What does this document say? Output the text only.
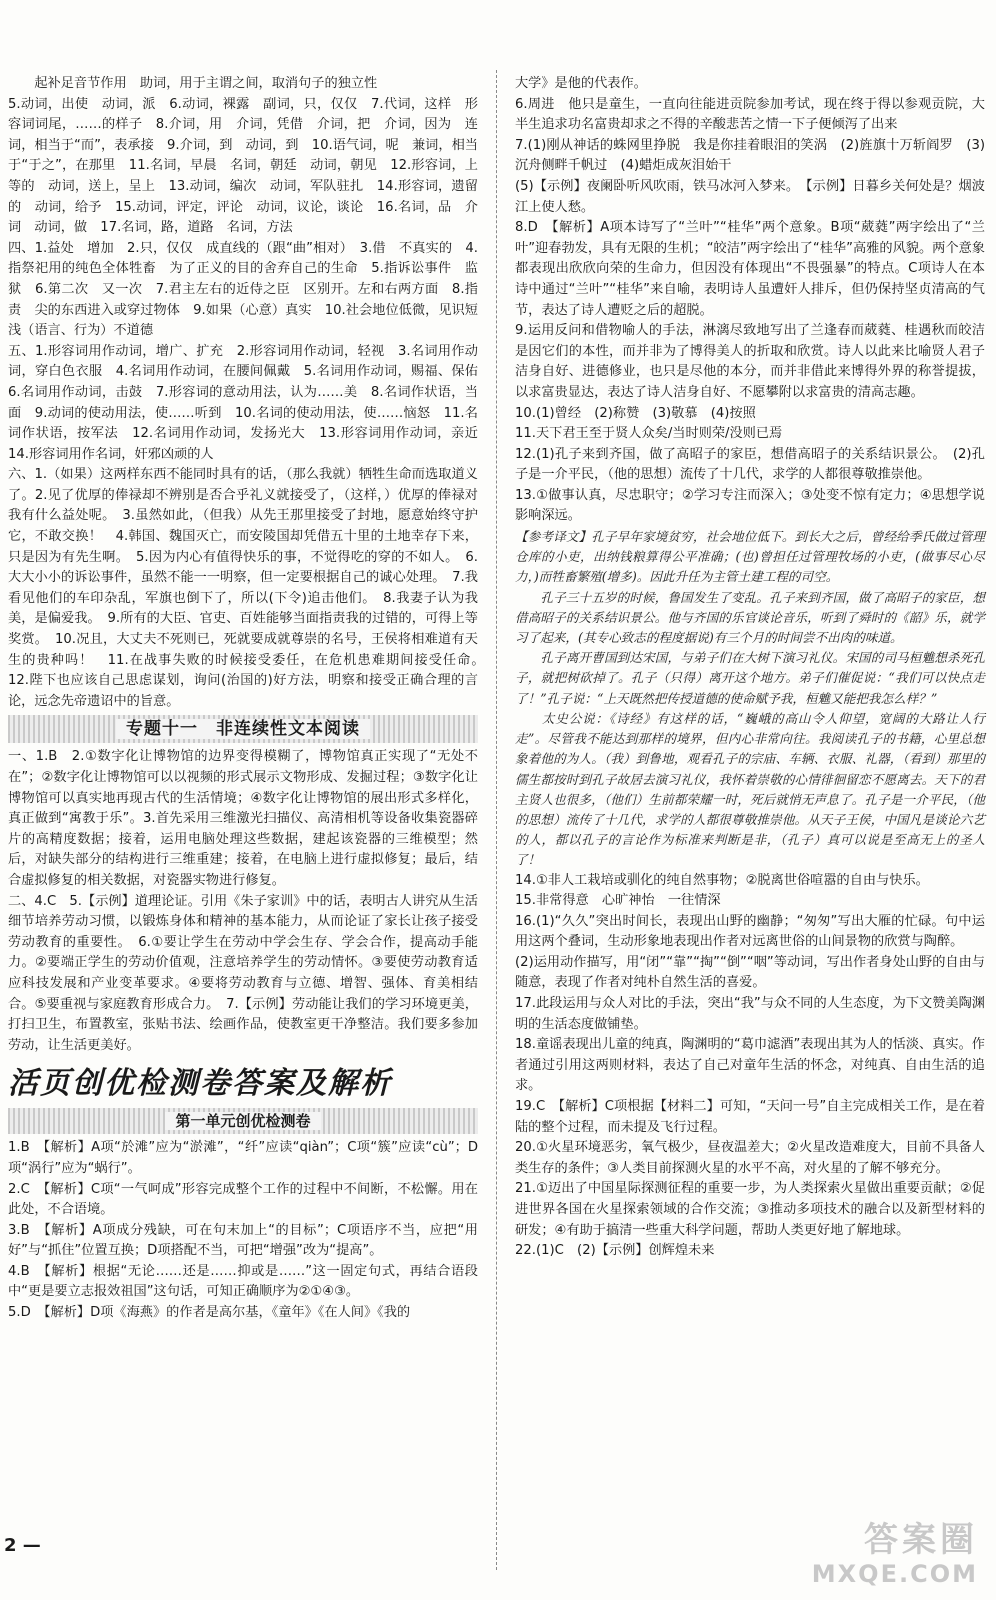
　　起补足音节作用　助词，用于主谓之间，取消句子的独立性

5.动词，出使　动词，派　6.动词，裸露　副词，只，仅仅　7.代词，这样　形容词词尾，……的样子　8.介词，用　介词，凭借　介词，把　介词，因为　连词，相当于“而”，表承接　9.介词，到　动词，到　10.语气词，呢　兼词，相当于“于之”，在那里　11.名词，早晨　名词，朝廷　动词，朝见　12.形容词，上等的　动词，送上，呈上　13.动词，编次　动词，军队驻扎　14.形容词，遗留的　动词，给予　15.动词，评定，评论　动词，议论，谈论　16.名词，品　介词　动词，做　17.名词，路，道路　名词，方法

四、1.益处　增加　2.只，仅仅　成直线的（跟“曲”相对）　3.借　不真实的　4.指祭祀用的纯色全体牲畜　为了正义的目的舍弃自己的生命　5.指诉讼事件　监狱　6.第二次　又一次　7.君主左右的近侍之臣　区别开。左和右两方面　8.指责　尖的东西进入或穿过物体　9.如果（心意）真实　10.社会地位低微，见识短浅（语言、行为）不道德

五、1.形容词用作动词，增广、扩充　2.形容词用作动词，轻视　3.名词用作动词，穿白色衣服　4.名词用作动词，在腰间佩戴　5.名词用作动词，赐福、保佑　6.名词用作动词，击鼓　7.形容词的意动用法，认为……美　8.名词作状语，当面　9.动词的使动用法，使……听到　10.名词的使动用法，使……恼怒　11.名词作状语，按军法　12.名词用作动词，发扬光大　13.形容词用作动词，亲近　14.形容词用作名词，奸邪凶顽的人

六、1.（如果）这两样东西不能同时具有的话，（那么我就）牺牲生命而选取道义了。2.见了优厚的俸禄却不辨别是否合乎礼义就接受了，（这样，）优厚的俸禄对我有什么益处呢。　3.虽然如此，（但我）从先王那里接受了封地，愿意始终守护它，不敢交换！　4.韩国、魏国灭亡，而安陵国却凭借五十里的土地幸存下来，只是因为有先生啊。　5.因为内心有值得快乐的事，不觉得吃的穿的不如人。　6.大大小小的诉讼事件，虽然不能一一明察，但一定要根据自己的诚心处理。　7.我看见他们的车印杂乱，军旗也倒下了，所以(下令)追击他们。　8.我妻子认为我美，是偏爱我。　9.所有的大臣、官吏、百姓能够当面指责我的过错的，可得上等奖赏。　10.况且，大丈夫不死则已，死就要成就尊崇的名号，王侯将相难道有天生的贵种吗！　11.在战事失败的时候接受委任，在危机患难期间接受任命。　12.陛下也应该自己思虑谋划，询问(治国的)好方法，明察和接受正确合理的言论，远念先帝遗诏中的旨意。

专题十一　 非连续性文本阅读

一、1.B　2.①数字化让博物馆的边界变得模糊了，博物馆真正实现了“无处不在”；②数字化让博物馆可以以视频的形式展示文物形成、发掘过程；③数字化让博物馆可以真实地再现古代的生活情境；④数字化让博物馆的展出形式多样化，真正做到“寓教于乐”。3.首先采用三维激光扫描仪、高清相机等设备收集瓷器碎片的高精度数据；接着，运用电脑处理这些数据，建起该瓷器的三维模型；然后，对缺失部分的结构进行三维重建；接着，在电脑上进行虚拟修复；最后，结合虚拟修复的相关数据，对瓷器实物进行修复。

二、4.C　5.【示例】道理论证。引用《朱子家训》中的话，表明古人讲究从生活细节培养劳动习惯，以锻炼身体和精神的基本能力，从而论证了家长让孩子接受劳动教育的重要性。　6.①要让学生在劳动中学会生存、学会合作，提高动手能力。②要端正学生的劳动价值观，注意培养学生的劳动情怀。③要使劳动教育适应科技发展和产业变革要求。④要将劳动教育与立德、增智、强体、育美相结合。⑤要重视与家庭教育形成合力。　7.【示例】劳动能让我们的学习环境更美，打扫卫生，布置教室，张贴书法、绘画作品，使教室更干净整洁。我们要多参加劳动，让生活更美好。

活页创优检测卷答案及解析
第一单元创优检测卷

1.B　【解析】A项“於滩”应为“淤滩”，“纤”应读“qiàn”；C项“簇”应读“cù”；D项“涡行”应为“蜗行”。

2.C　【解析】C项“一气呵成”形容完成整个工作的过程中不间断，不松懈。用在此处，不合语境。

3.B　【解析】A项成分残缺，可在句末加上“的目标”；C项语序不当，应把“用好”与“抓住”位置互换；D项搭配不当，可把“增强”改为“提高”。

4.B　【解析】根据“无论……还是……抑或是……”这一固定句式，再结合语段中“更是要立志报效祖国”这句话，可知正确顺序为②①④③。

5.D　【解析】D项《海燕》的作者是高尔基，《童年》《在人间》《我的

大学》是他的代表作。

6.周进　他只是童生，一直向往能进贡院参加考试，现在终于得以参观贡院，大半生追求功名富贵却求之不得的辛酸悲苦之情一下子便倾泻了出来

7.(1)刚从神话的蛛网里挣脱　我是你挂着眼泪的笑涡　(2)旌旗十万斩阎罗　(3)沉舟侧畔千帆过　(4)蜡炬成灰泪始干

(5)【示例】夜阑卧听风吹雨，铁马冰河入梦来。　【示例】日暮乡关何处是？烟波江上使人愁。

8.D　【解析】A项本诗写了“兰叶”“桂华”两个意象。B项“葳蕤”两字绘出了“兰叶”迎春勃发，具有无限的生机；“皎洁”两字绘出了“桂华”高雅的风貌。两个意象都表现出欣欣向荣的生命力，但因没有体现出“不畏强暴”的特点。C项诗人在本诗中通过“兰叶”“桂华”来自喻，表明诗人虽遭奸人排斥，但仍保持坚贞清高的气节，表达了诗人遭贬之后的超脱。

9.运用反问和借物喻人的手法，淋漓尽致地写出了兰逢春而葳蕤、桂遇秋而皎洁是因它们的本性，而并非为了博得美人的折取和欣赏。诗人以此来比喻贤人君子洁身自好、进德修业，也只是尽他的本分，而并非借此来博得外界的称誉提拔，以求富贵显达，表达了诗人洁身自好、不愿攀附以求富贵的清高志趣。

10.(1)曾经　(2)称赞　(3)敬慕　(4)按照

11.天下君王至于贤人众矣/当时则荣/没则已焉

12.(1)孔子来到齐国，做了高昭子的家臣，想借高昭子的关系结识景公。　(2)孔子是一介平民，（他的思想）流传了十几代，求学的人都很尊敬推崇他。

13.①做事认真，尽忠职守；②学习专注而深入；③处变不惊有定力；④思想学说影响深远。

【参考译文】孔子早年家境贫穷，社会地位低下。到长大之后，曾经给季氏做过管理仓库的小吏，出纳钱粮算得公平准确；(也)曾担任过管理牧场的小吏，(做事尽心尽力，)而牲畜繁殖(增多)。因此升任为主管土建工程的司空。

　　孔子三十五岁的时候，鲁国发生了变乱。孔子来到齐国，做了高昭子的家臣，想借高昭子的关系结识景公。他与齐国的乐官谈论音乐，听到了舜时的《韶》乐，就学习了起来，(其专心致志的程度据说)有三个月的时间尝不出肉的味道。

　　孔子离开曹国到达宋国，与弟子们在大树下演习礼仪。宋国的司马桓魋想杀死孔子，就把树砍掉了。孔子（只得）离开这个地方。弟子们催促说：“我们可以快点走了！”孔子说：“上天既然把传授道德的使命赋予我，桓魋又能把我怎么样？”

　　太史公说：《诗经》有这样的话，“巍峨的高山令人仰望，宽阔的大路让人行走”。尽管我不能达到那样的境界，但内心非常向往。我阅读孔子的书籍，心里总想象着他的为人。（我）到鲁地，观看孔子的宗庙、车辆、衣服、礼器，（看到）那里的儒生都按时到孔子故居去演习礼仪，我怀着崇敬的心情徘徊留恋不愿离去。天下的君主贤人也很多，（他们）生前都荣耀一时，死后就悄无声息了。孔子是一介平民，（他的思想）流传了十几代，求学的人都很尊敬推崇他。从天子王侯，中国凡是谈论六艺的人，都以孔子的言论作为标准来判断是非，（孔子）真可以说是至高无上的圣人了！

14.①非人工栽培或驯化的纯自然事物；②脱离世俗喧嚣的自由与快乐。

15.非常得意　心旷神怡　一往情深

16.(1)“久久”突出时间长，表现出山野的幽静；“匆匆”写出大雁的忙碌。句中运用这两个叠词，生动形象地表现出作者对远离世俗的山间景物的欣赏与陶醉。

(2)运用动作描写，用“闭”“靠”“掏”“倒”“咽”等动词，写出作者身处山野的自由与随意，表现了作者对纯朴自然生活的喜爱。

17.此段运用与众人对比的手法，突出“我”与众不同的人生态度，为下文赞美陶渊明的生活态度做铺垫。

18.童谣表现出儿童的纯真，陶渊明的“葛巾滤酒”表现出其为人的恬淡、真实。作者通过引用这两则材料，表达了自己对童年生活的怀念，对纯真、自由生活的追求。

19.C　【解析】C项根据【材料二】可知，“天问一号”自主完成相关工作，是在着陆的整个过程，而未提及飞行过程。

20.①火星环境恶劣，氧气极少，昼夜温差大；②火星改造难度大，目前不具备人类生存的条件；③人类目前探测火星的水平不高，对火星的了解不够充分。

21.①迈出了中国星际探测征程的重要一步，为人类探索火星做出重要贡献；②促进世界各国在火星探索领域的合作交流；③推动多项技术的融合以及新型材料的研发；④有助于搞清一些重大科学问题，帮助人类更好地了解地球。

22.(1)C　(2)【示例】创辉煌未来

2 —	答案圈
MXQE.COM
